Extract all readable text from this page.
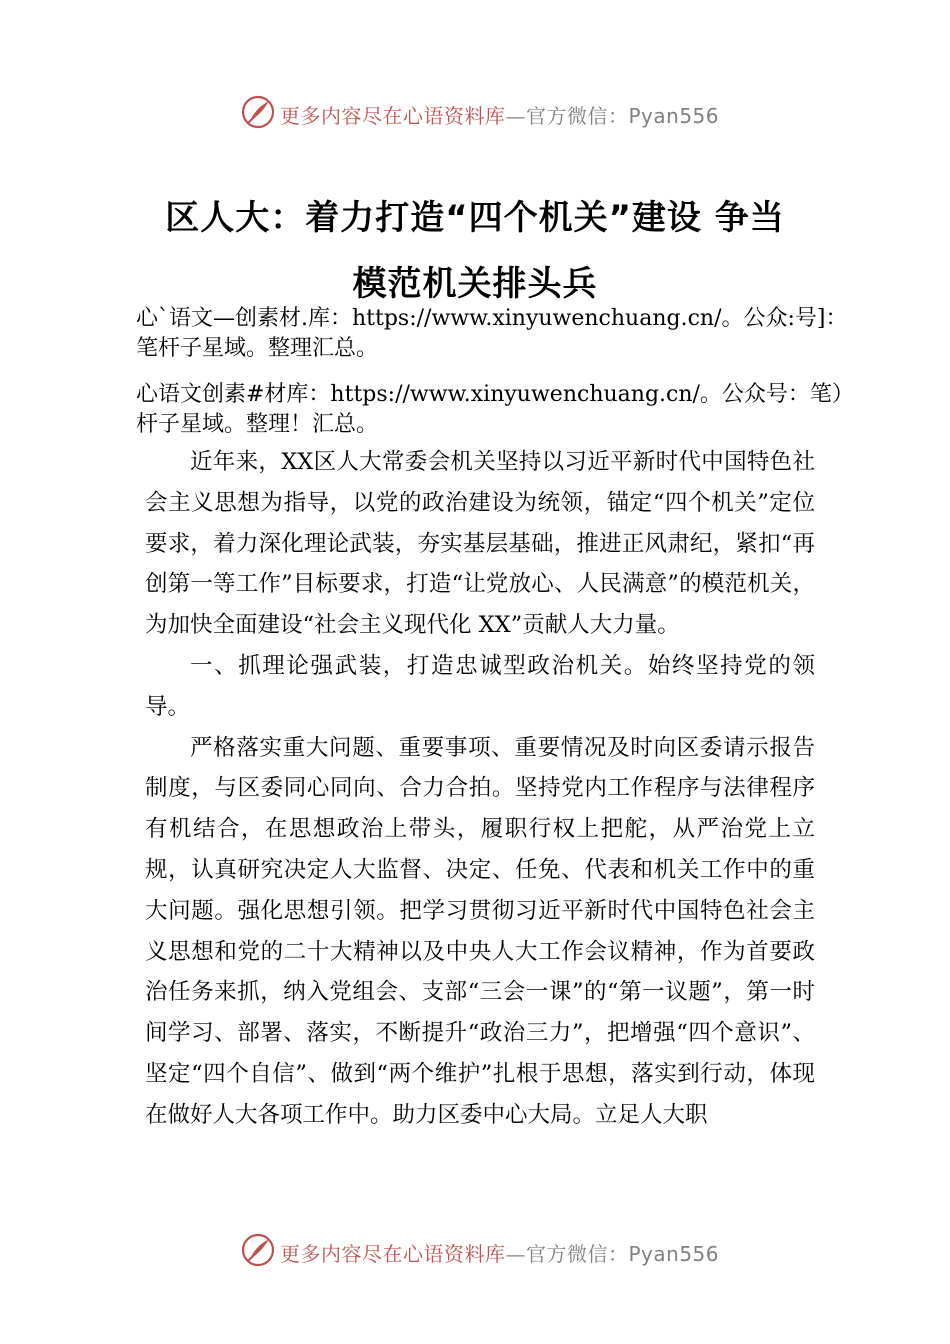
更多内容尽在心语资料库—官方微信：Pyan556
区人大：着力打造“四个机关”建设 争当
模范机关排头兵
心`语文—创素材.库：https://www.xinyuwenchuang.cn/。公众:号]：笔杆子星域。整理汇总。
心语文创素#材库：https://www.xinyuwenchuang.cn/。公众号：笔）杆子星域。整理！汇总。

近年来，XX区人大常委会机关坚持以习近平新时代中国特色社会主义思想为指导，以党的政治建设为统领，锚定“四个机关”定位要求，着力深化理论武装，夯实基层基础，推进正风肃纪，紧扣“再创第一等工作”目标要求，打造“让党放心、人民满意”的模范机关，为加快全面建设“社会主义现代化 XX”贡献人大力量。

一、抓理论强武装，打造忠诚型政治机关。始终坚持党的领导。

严格落实重大问题、重要事项、重要情况及时向区委请示报告制度，与区委同心同向、合力合拍。坚持党内工作程序与法律程序有机结合，在思想政治上带头，履职行权上把舵，从严治党上立规，认真研究决定人大监督、决定、任免、代表和机关工作中的重大问题。强化思想引领。把学习贯彻习近平新时代中国特色社会主义思想和党的二十大精神以及中央人大工作会议精神，作为首要政治任务来抓，纳入党组会、支部“三会一课”的“第一议题”，第一时间学习、部署、落实，不断提升“政治三力”，把增强“四个意识”、坚定“四个自信”、做到“两个维护”扎根于思想，落实到行动，体现在做好人大各项工作中。助力区委中心大局。立足人大职

更多内容尽在心语资料库—官方微信：Pyan556
